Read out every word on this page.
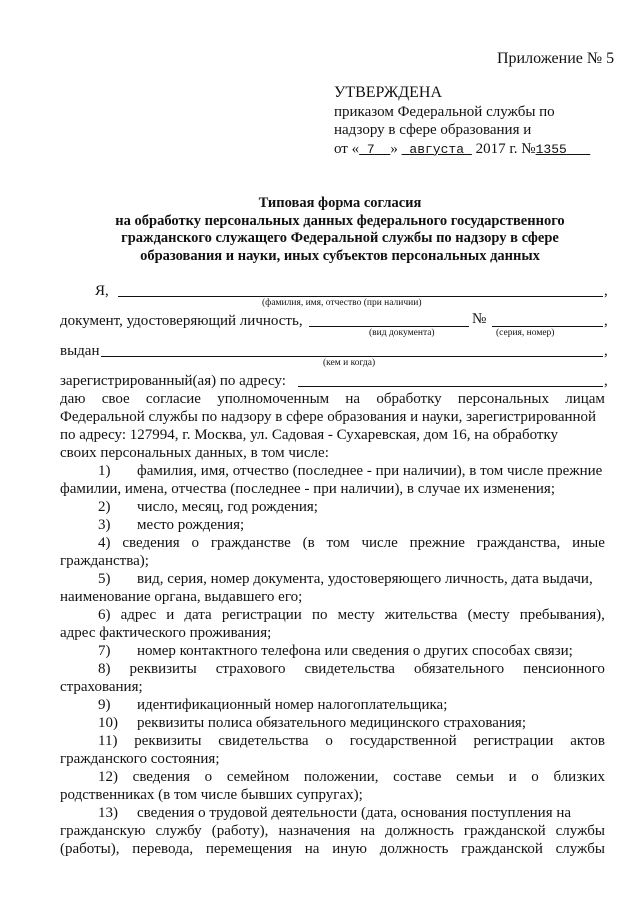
Приложение № 5
УТВЕРЖДЕНА
приказом Федеральной службы по
надзору в сфере образования и
от « 7 » августа 2017 г. №1355
Типовая форма согласия
на обработку персональных данных федерального государственного
гражданского служащего Федеральной службы по надзору в сфере
образования и науки, иных субъектов персональных данных
Я,	,
(фамилия, имя, отчество (при наличии)
документ, удостоверяющий личность,	№	,
(вид документа)	(серия, номер)
выдан	,
(кем и когда)
зарегистрированный(ая) по адресу:	,
даю свое согласие уполномоченным на обработку персональных лицам
Федеральной службы по надзору в сфере образования и науки, зарегистрированной
по адресу: 127994, г. Москва, ул. Садовая - Сухаревская, дом 16, на обработку
своих персональных данных, в том числе:
1) фамилия, имя, отчество (последнее - при наличии), в том числе прежние
фамилии, имена, отчества (последнее - при наличии), в случае их изменения;
2) число, месяц, год рождения;
3) место рождения;
4) сведения о гражданстве (в том числе прежние гражданства, иные
гражданства);
5) вид, серия, номер документа, удостоверяющего личность, дата выдачи,
наименование органа, выдавшего его;
6) адрес и дата регистрации по месту жительства (месту пребывания),
адрес фактического проживания;
7) номер контактного телефона или сведения о других способах связи;
8) реквизиты страхового свидетельства обязательного пенсионного
страхования;
9) идентификационный номер налогоплательщика;
10) реквизиты полиса обязательного медицинского страхования;
11) реквизиты свидетельства о государственной регистрации актов
гражданского состояния;
12) сведения о семейном положении, составе семьи и о близких
родственниках (в том числе бывших супругах);
13) сведения о трудовой деятельности (дата, основания поступления на
гражданскую службу (работу), назначения на должность гражданской службы
(работы), перевода, перемещения на иную должность гражданской службы
